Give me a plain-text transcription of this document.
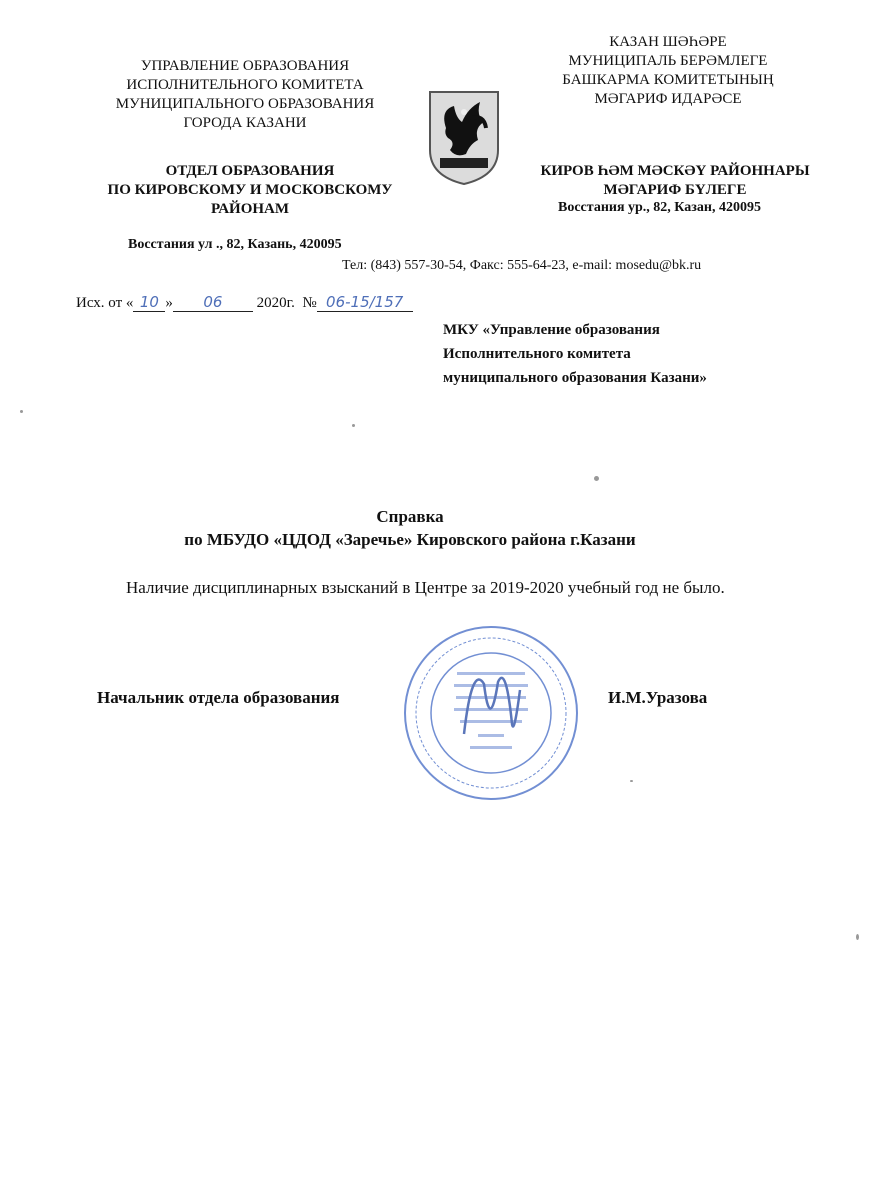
УПРАВЛЕНИЕ ОБРАЗОВАНИЯ
ИСПОЛНИТЕЛЬНОГО КОМИТЕТА
МУНИЦИПАЛЬНОГО ОБРАЗОВАНИЯ
ГОРОДА КАЗАНИ
ОТДЕЛ ОБРАЗОВАНИЯ
ПО КИРОВСКОМУ И МОСКОВСКОМУ
РАЙОНАМ
Восстания ул ., 82, Казань, 420095
КАЗАН ШӘҺӘРЕ
МУНИЦИПАЛЬ БЕРӘМЛЕГЕ
БАШКАРМА КОМИТЕТЫНЫҢ
МӘГАРИФ ИДАРӘСЕ
КИРОВ ҺӘМ МӘСКӘҮ РАЙОННАРЫ
МӘГАРИФ БҮЛЕГЕ
Восстания ур., 82, Казан, 420095
Тел: (843) 557-30-54, Факс: 555-64-23, e-mail: mosedu@bk.ru
Исх. от « 10 » 06 2020г. № 06-15/157
МКУ «Управление образования
Исполнительного комитета
муниципального образования Казани»
Справка
по МБУДО «ЦДОД «Заречье» Кировского района г.Казани
Наличие дисциплинарных взысканий в Центре за 2019-2020 учебный год не было.
Начальник отдела образования	И.М.Уразова
